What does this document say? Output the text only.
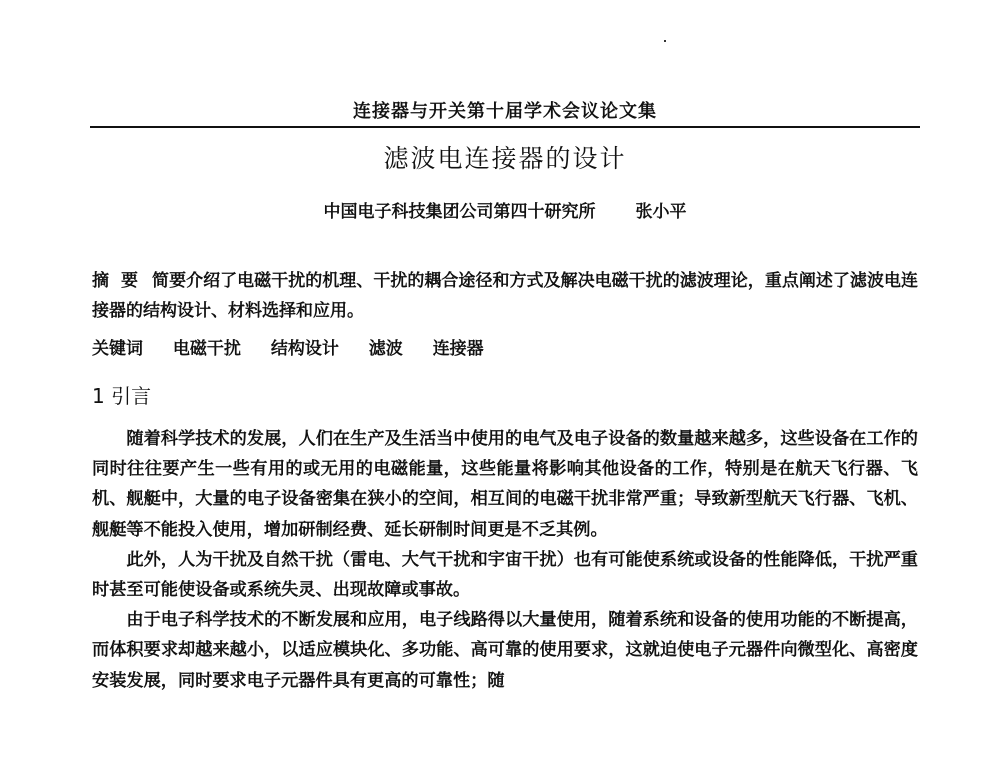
连接器与开关第十届学术会议论文集
滤波电连接器的设计
中国电子科技集团公司第四十研究所 张小平
摘要 简要介绍了电磁干扰的机理、干扰的耦合途径和方式及解决电磁干扰的滤波理论，重点阐述了滤波电连接器的结构设计、材料选择和应用。
关键词 电磁干扰 结构设计 滤波 连接器
1 引言

随着科学技术的发展，人们在生产及生活当中使用的电气及电子设备的数量越来越多，这些设备在工作的同时往往要产生一些有用的或无用的电磁能量，这些能量将影响其他设备的工作，特别是在航天飞行器、飞机、舰艇中，大量的电子设备密集在狭小的空间，相互间的电磁干扰非常严重；导致新型航天飞行器、飞机、舰艇等不能投入使用，增加研制经费、延长研制时间更是不乏其例。

此外，人为干扰及自然干扰（雷电、大气干扰和宇宙干扰）也有可能使系统或设备的性能降低，干扰严重时甚至可能使设备或系统失灵、出现故障或事故。

由于电子科学技术的不断发展和应用，电子线路得以大量使用，随着系统和设备的使用功能的不断提高，而体积要求却越来越小，以适应模块化、多功能、高可靠的使用要求，这就迫使电子元器件向微型化、高密度安装发展，同时要求电子元器件具有更高的可靠性；随
